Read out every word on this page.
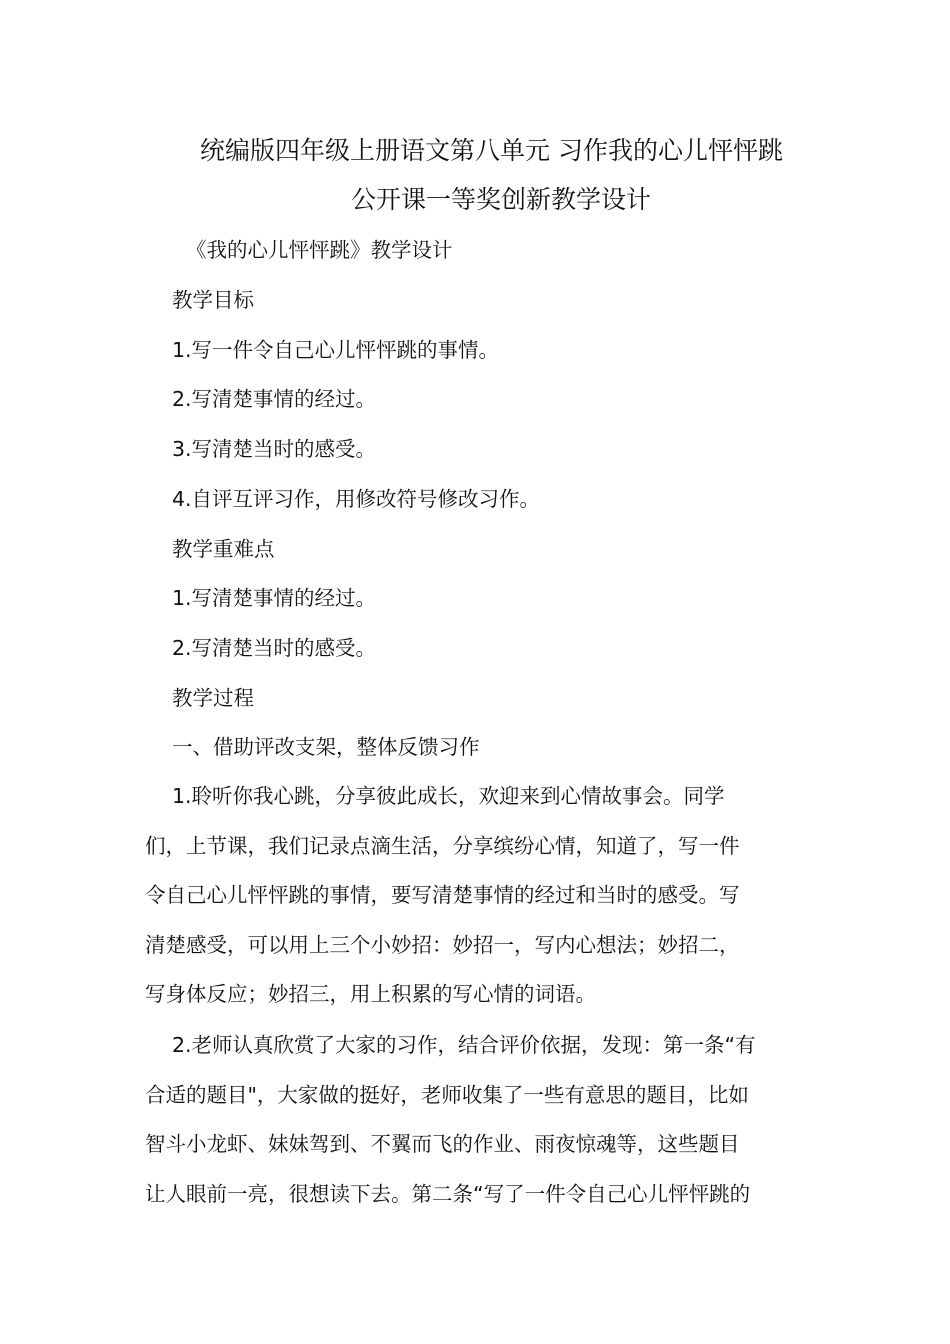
统编版四年级上册语文第八单元 习作我的心儿怦怦跳
公开课一等奖创新教学设计
《我的心儿怦怦跳》教学设计
教学目标
1.写一件令自己心儿怦怦跳的事情。
2.写清楚事情的经过。
3.写清楚当时的感受。
4.自评互评习作，用修改符号修改习作。
教学重难点
1.写清楚事情的经过。
2.写清楚当时的感受。
教学过程
一、借助评改支架，整体反馈习作
1.聆听你我心跳，分享彼此成长，欢迎来到心情故事会。同学
们，上节课，我们记录点滴生活，分享缤纷心情，知道了，写一件
令自己心儿怦怦跳的事情，要写清楚事情的经过和当时的感受。写
清楚感受，可以用上三个小妙招：妙招一，写内心想法；妙招二，
写身体反应；妙招三，用上积累的写心情的词语。
2.老师认真欣赏了大家的习作，结合评价依据，发现：第一条“有
合适的题目"，大家做的挺好，老师收集了一些有意思的题目，比如
智斗小龙虾、妹妹驾到、不翼而飞的作业、雨夜惊魂等，这些题目
让人眼前一亮，很想读下去。第二条“写了一件令自己心儿怦怦跳的
